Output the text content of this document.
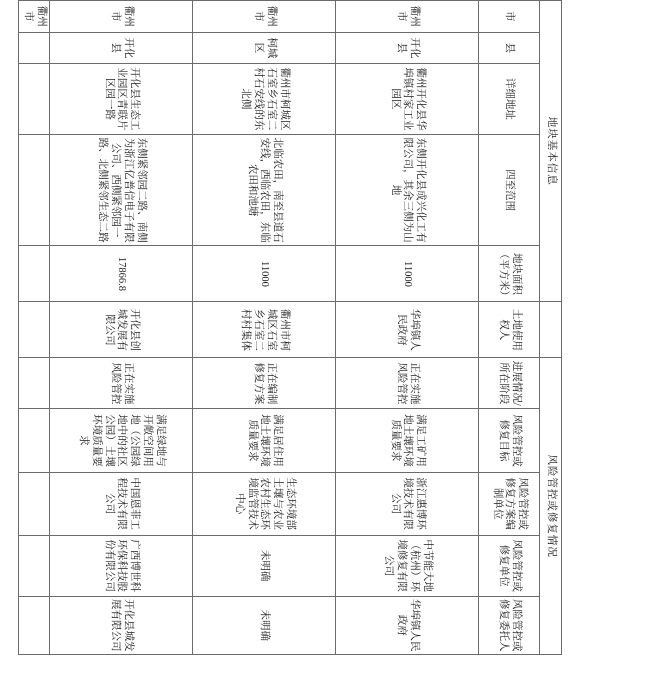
地块基本信息						风险管控或修复情况				
市	县	详细地址	四至范围	地块面积（平方米）	土地使用权人	进展情况/所在阶段	风险管控或修复目标	风险管控或修复方案编制单位	风险管控或修复单位	风险管控或修复委托人
衢州市	开化县	衢州开化县华埠镇村家工业园区	东侧开化县成兴化工有限公司，其余三侧为山地	11000	华埠镇人民政府	正在实施风险管控	满足工矿用地土壤环境质量要求	浙江惠博环境技术有限公司	中节能大地（杭州）环境修复有限公司	华埠镇人民政府
衢州市	柯城区	衢州市柯城区石室乡石室二村石安线的东北侧	北临农田，南至县道石安线，西临农田，东临农田和池塘	11000	衢州市柯城区石室乡石室二村村集体	正在编制修复方案	满足居住用地土壤环境质量要求	生态环境部土壤与农业农村生态环境监管技术中心	未明确	未明确
衢州市	开化县	开化县生态工业园区青联片区园一路	东侧紧邻园二路、南侧为浙江亿普信电子有限公司、西侧紧邻园一路、北侧紧邻生态二路	17866.8	开化县创城发展有限公司	正在实施风险管控	满足绿地与开敞空间用地（公园绿地中的社区公园）土壤环境质量要求	中国恩菲工程技术有限公司	广西博世科环保科技股份有限公司	开化县城发展有限公司
衢州市										
